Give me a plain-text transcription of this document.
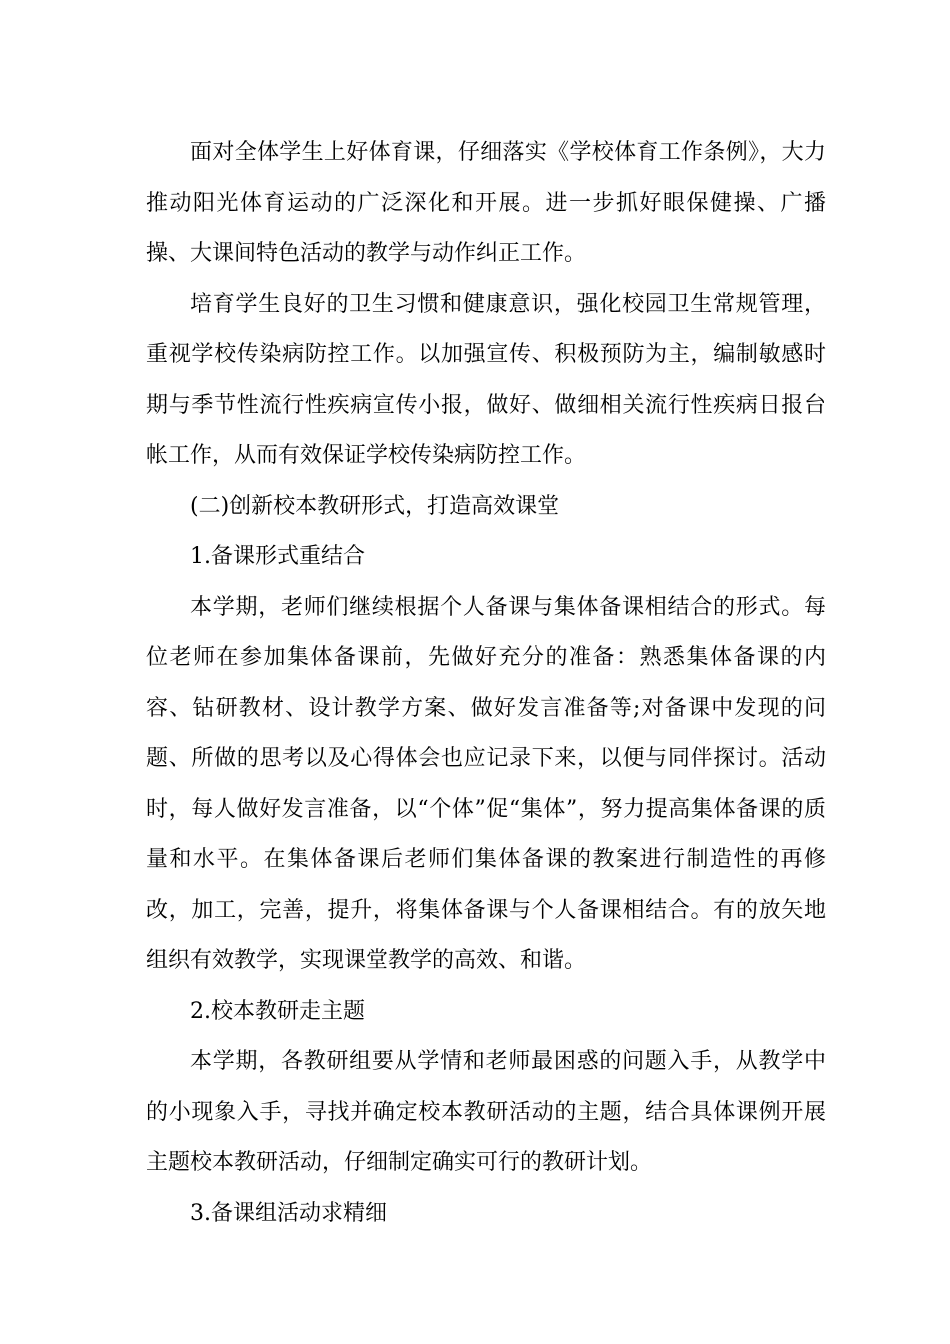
面对全体学生上好体育课，仔细落实《学校体育工作条例》，大力推动阳光体育运动的广泛深化和开展。进一步抓好眼保健操、广播操、大课间特色活动的教学与动作纠正工作。

培育学生良好的卫生习惯和健康意识，强化校园卫生常规管理，重视学校传染病防控工作。以加强宣传、积极预防为主，编制敏感时期与季节性流行性疾病宣传小报，做好、做细相关流行性疾病日报台帐工作，从而有效保证学校传染病防控工作。

(二)创新校本教研形式，打造高效课堂

1.备课形式重结合

本学期，老师们继续根据个人备课与集体备课相结合的形式。每位老师在参加集体备课前，先做好充分的准备：熟悉集体备课的内容、钻研教材、设计教学方案、做好发言准备等;对备课中发现的问题、所做的思考以及心得体会也应记录下来，以便与同伴探讨。活动时，每人做好发言准备，以“个体”促“集体”，努力提高集体备课的质量和水平。在集体备课后老师们集体备课的教案进行制造性的再修改，加工，完善，提升，将集体备课与个人备课相结合。有的放矢地组织有效教学，实现课堂教学的高效、和谐。

2.校本教研走主题

本学期，各教研组要从学情和老师最困惑的问题入手，从教学中的小现象入手，寻找并确定校本教研活动的主题，结合具体课例开展主题校本教研活动，仔细制定确实可行的教研计划。

3.备课组活动求精细
